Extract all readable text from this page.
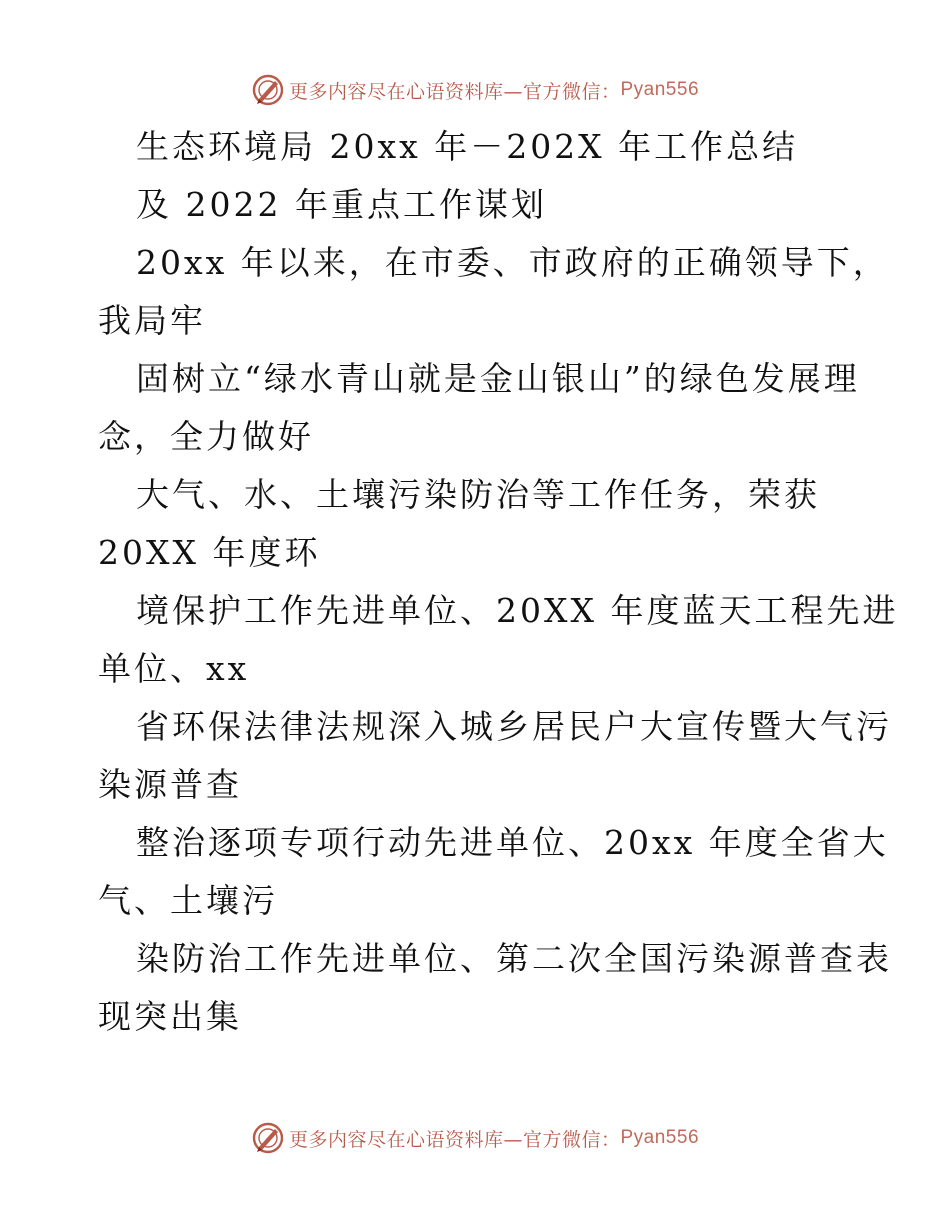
更多内容尽在心语资料库—官方微信： Pyan556
生态环境局 20xx 年－202X 年工作总结
及 2022 年重点工作谋划
20xx 年以来，在市委、市政府的正确领导下，
我局牢
固树立“绿水青山就是金山银山”的绿色发展理
念，全力做好
大气、水、土壤污染防治等工作任务，荣获
20XX 年度环
境保护工作先进单位、20XX 年度蓝天工程先进
单位、xx
省环保法律法规深入城乡居民户大宣传暨大气污
染源普查
整治逐项专项行动先进单位、20xx 年度全省大
气、土壤污
染防治工作先进单位、第二次全国污染源普查表
现突出集
更多内容尽在心语资料库—官方微信： Pyan556
